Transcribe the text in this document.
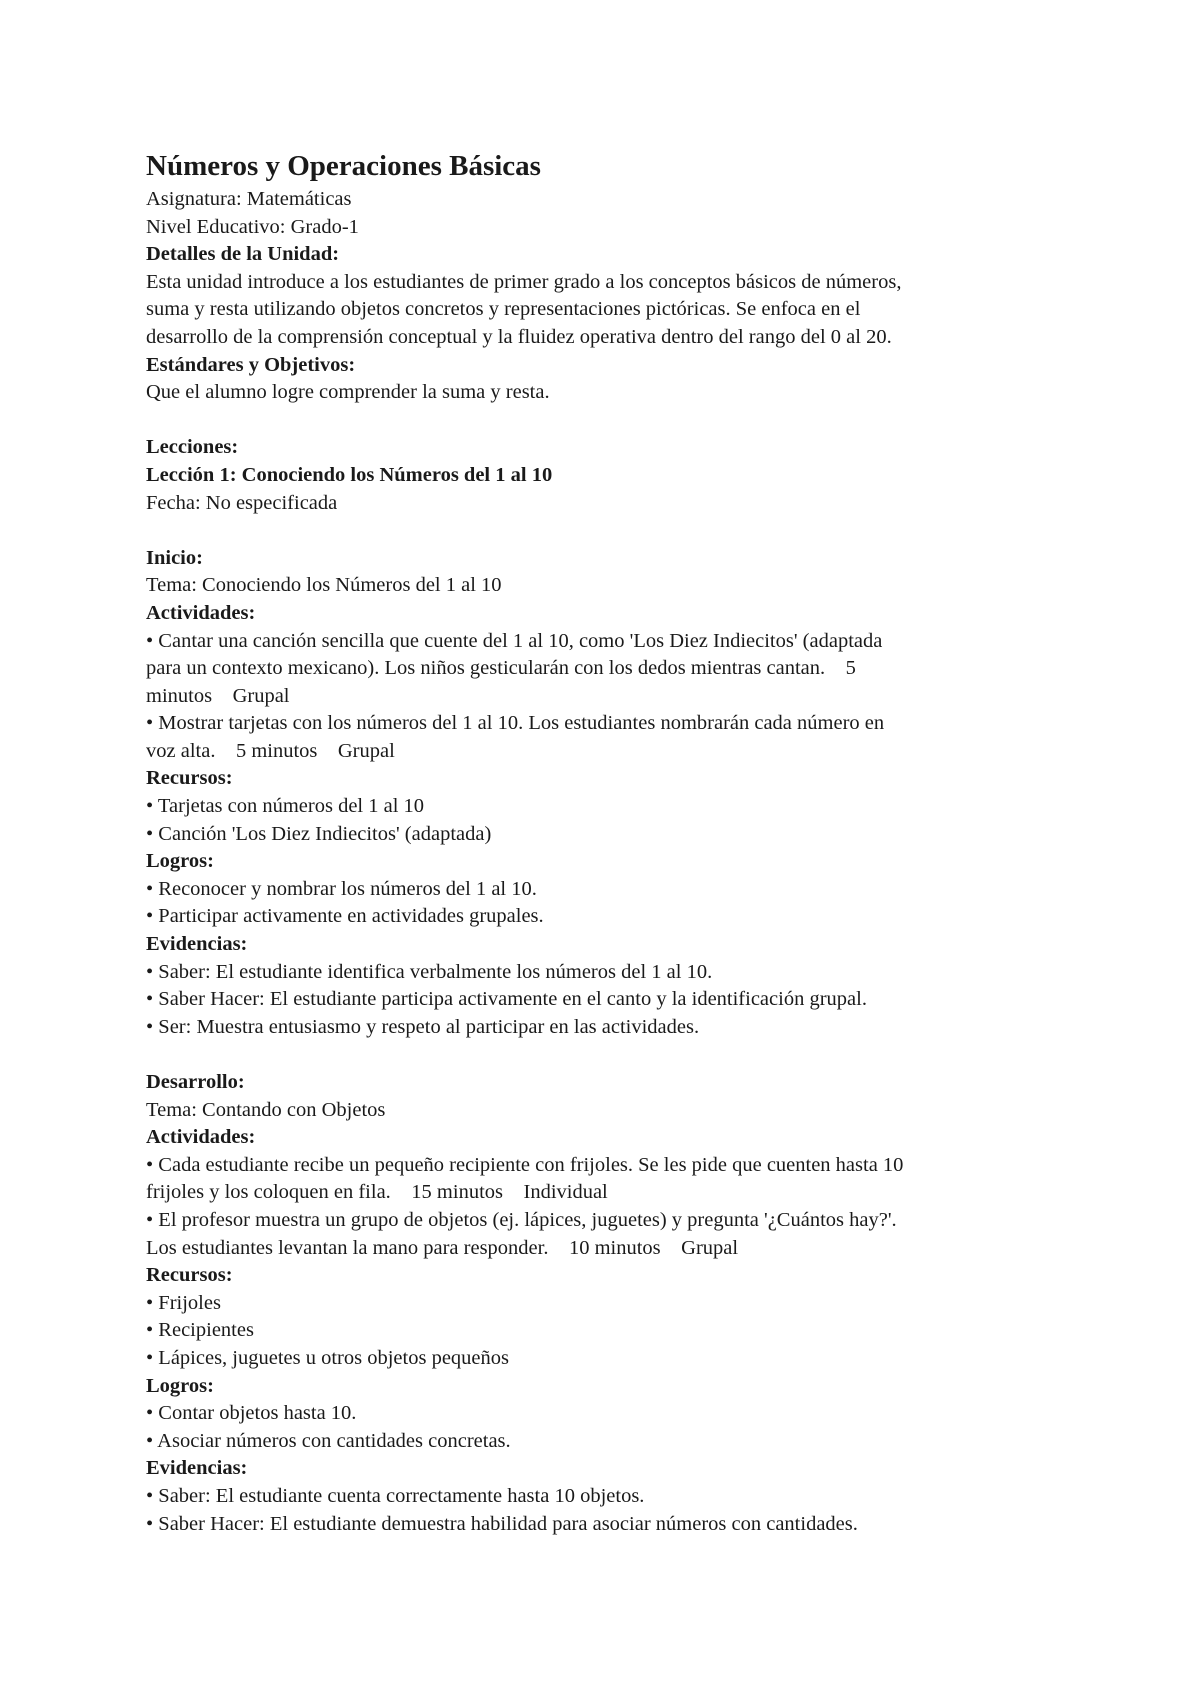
Números y Operaciones Básicas
Asignatura: Matemáticas
Nivel Educativo: Grado-1
Detalles de la Unidad:
Esta unidad introduce a los estudiantes de primer grado a los conceptos básicos de números,
suma y resta utilizando objetos concretos y representaciones pictóricas. Se enfoca en el
desarrollo de la comprensión conceptual y la fluidez operativa dentro del rango del 0 al 20.
Estándares y Objetivos:
Que el alumno logre comprender la suma y resta.
Lecciones:
Lección 1: Conociendo los Números del 1 al 10
Fecha: No especificada
Inicio:
Tema: Conociendo los Números del 1 al 10
Actividades:
• Cantar una canción sencilla que cuente del 1 al 10, como 'Los Diez Indiecitos' (adaptada
para un contexto mexicano). Los niños gesticularán con los dedos mientras cantan.    5
minutos    Grupal
• Mostrar tarjetas con los números del 1 al 10. Los estudiantes nombrarán cada número en
voz alta.    5 minutos    Grupal
Recursos:
• Tarjetas con números del 1 al 10
• Canción 'Los Diez Indiecitos' (adaptada)
Logros:
• Reconocer y nombrar los números del 1 al 10.
• Participar activamente en actividades grupales.
Evidencias:
• Saber: El estudiante identifica verbalmente los números del 1 al 10.
• Saber Hacer: El estudiante participa activamente en el canto y la identificación grupal.
• Ser: Muestra entusiasmo y respeto al participar en las actividades.
Desarrollo:
Tema: Contando con Objetos
Actividades:
• Cada estudiante recibe un pequeño recipiente con frijoles. Se les pide que cuenten hasta 10
frijoles y los coloquen en fila.    15 minutos    Individual
• El profesor muestra un grupo de objetos (ej. lápices, juguetes) y pregunta '¿Cuántos hay?'.
Los estudiantes levantan la mano para responder.    10 minutos    Grupal
Recursos:
• Frijoles
• Recipientes
• Lápices, juguetes u otros objetos pequeños
Logros:
• Contar objetos hasta 10.
• Asociar números con cantidades concretas.
Evidencias:
• Saber: El estudiante cuenta correctamente hasta 10 objetos.
• Saber Hacer: El estudiante demuestra habilidad para asociar números con cantidades.
